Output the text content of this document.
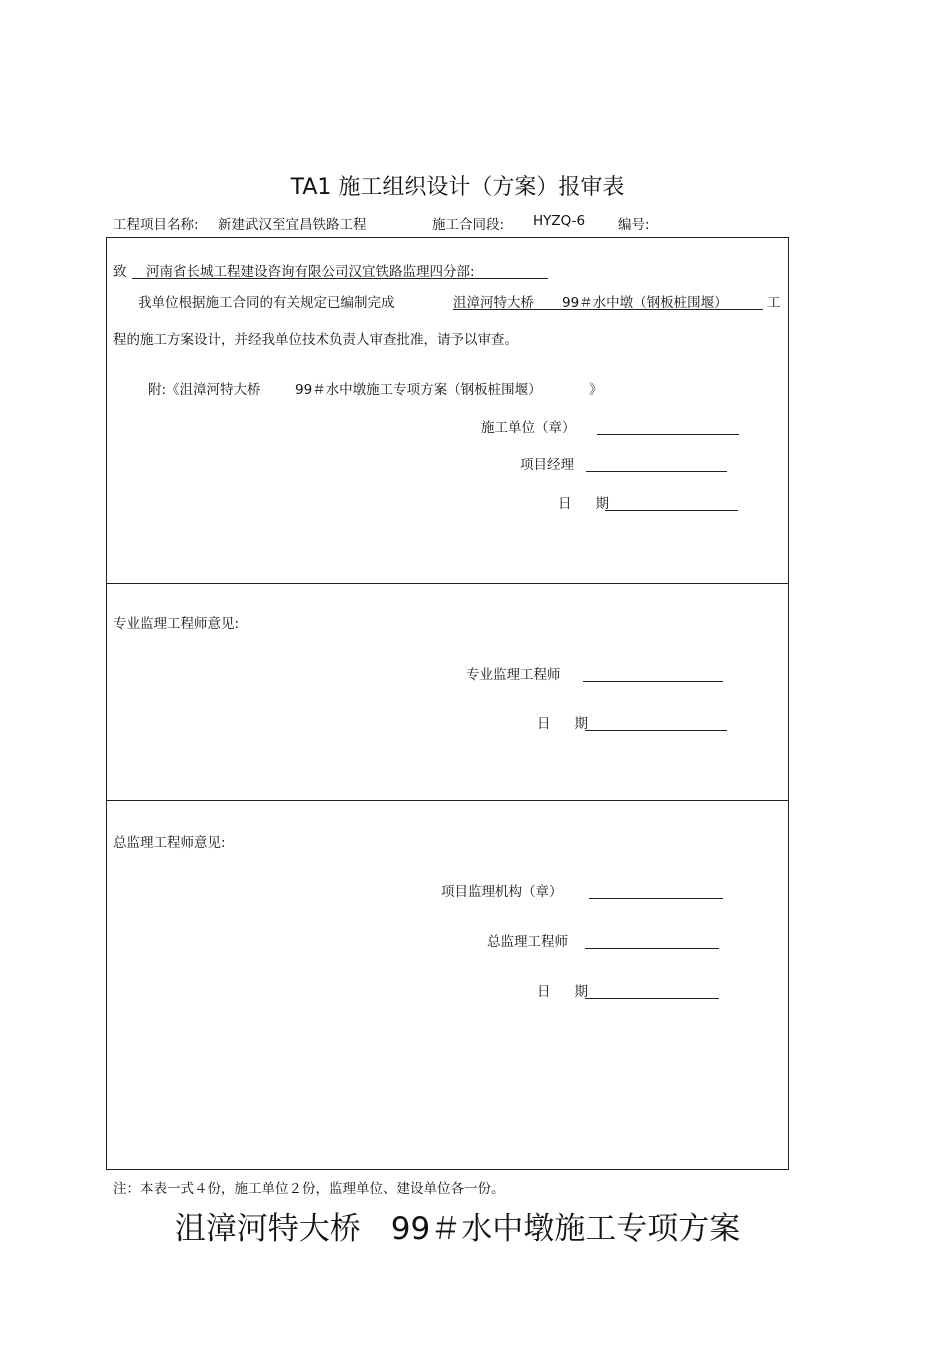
TA1 施工组织设计（方案）报审表
工程项目名称: 新建武汉至宜昌铁路工程	施工合同段: HYZQ-6 编号:
致 河南省长城工程建设咨询有限公司汉宜铁路监理四分部:
我单位根据施工合同的有关规定已编制完成	沮漳河特大桥 99＃水中墩（钢板桩围堰）	工
程的施工方案设计，并经我单位技术负责人审查批准，请予以审查。
附:《沮漳河特大桥	99＃水中墩施工专项方案（钢板桩围堰）	》
施工单位（章）
项目经理
日 期
专业监理工程师意见:
专业监理工程师
日 期
总监理工程师意见:
项目监理机构（章）
总监理工程师
日 期
注：本表一式４份，施工单位２份，监理单位、建设单位各一份。
沮漳河特大桥 99＃水中墩施工专项方案
